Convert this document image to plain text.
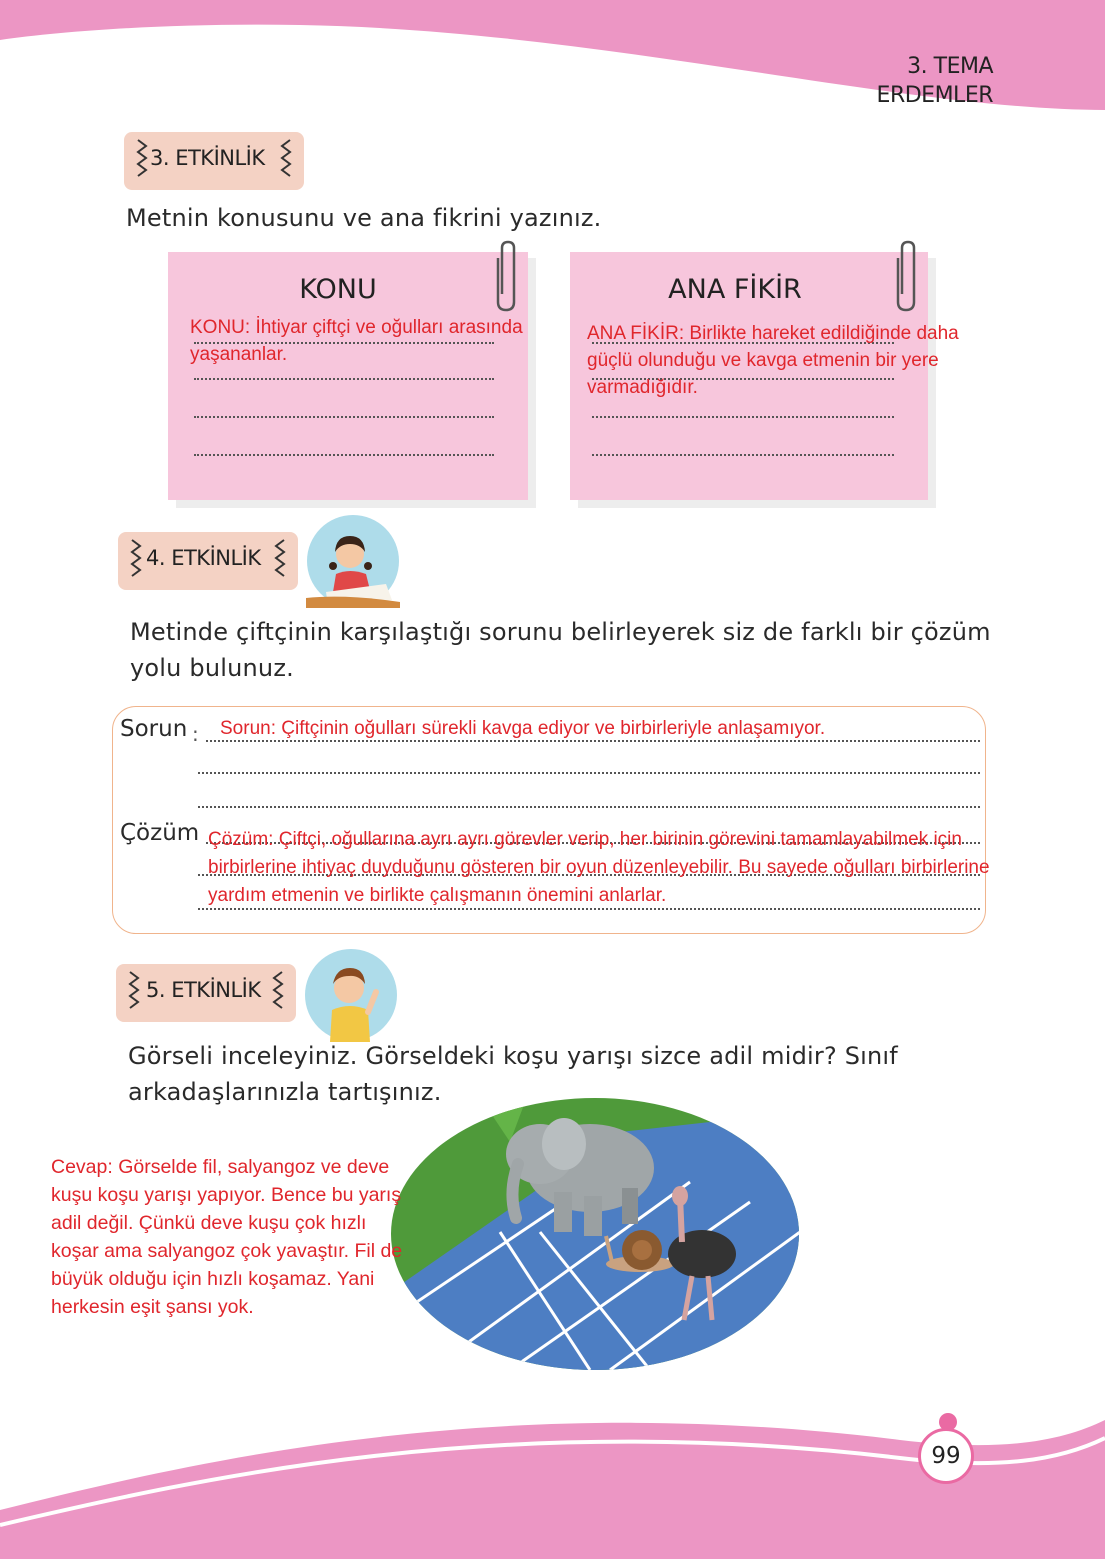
3. TEMA
ERDEMLER
3. ETKİNLİK
Metnin konusunu ve ana fikrini yazınız.
KONU
KONU: İhtiyar çiftçi ve oğulları arasında yaşananlar.
ANA FİKİR
ANA FİKİR: Birlikte hareket edildiğinde daha güçlü olunduğu ve kavga etmenin bir yere varmadığıdır.
4. ETKİNLİK
Metinde çiftçinin karşılaştığı sorunu belirleyerek siz de farklı bir çözüm yolu bulunuz.
Sorun :
Çözüm
Sorun: Çiftçinin oğulları sürekli kavga ediyor ve birbirleriyle anlaşamıyor.
Çözüm: Çiftçi, oğullarına ayrı ayrı görevler verip, her birinin görevini tamamlayabilmek için birbirlerine ihtiyaç duyduğunu gösteren bir oyun düzenleyebilir. Bu sayede oğulları birbirlerine yardım etmenin ve birlikte çalışmanın önemini anlarlar.
5. ETKİNLİK
Görseli inceleyiniz. Görseldeki koşu yarışı sizce adil midir? Sınıf arkadaşlarınızla tartışınız.
Cevap: Görselde fil, salyangoz ve deve kuşu koşu yarışı yapıyor. Bence bu yarış adil değil. Çünkü deve kuşu çok hızlı koşar ama salyangoz çok yavaştır. Fil de büyük olduğu için hızlı koşamaz. Yani herkesin eşit şansı yok.
99
